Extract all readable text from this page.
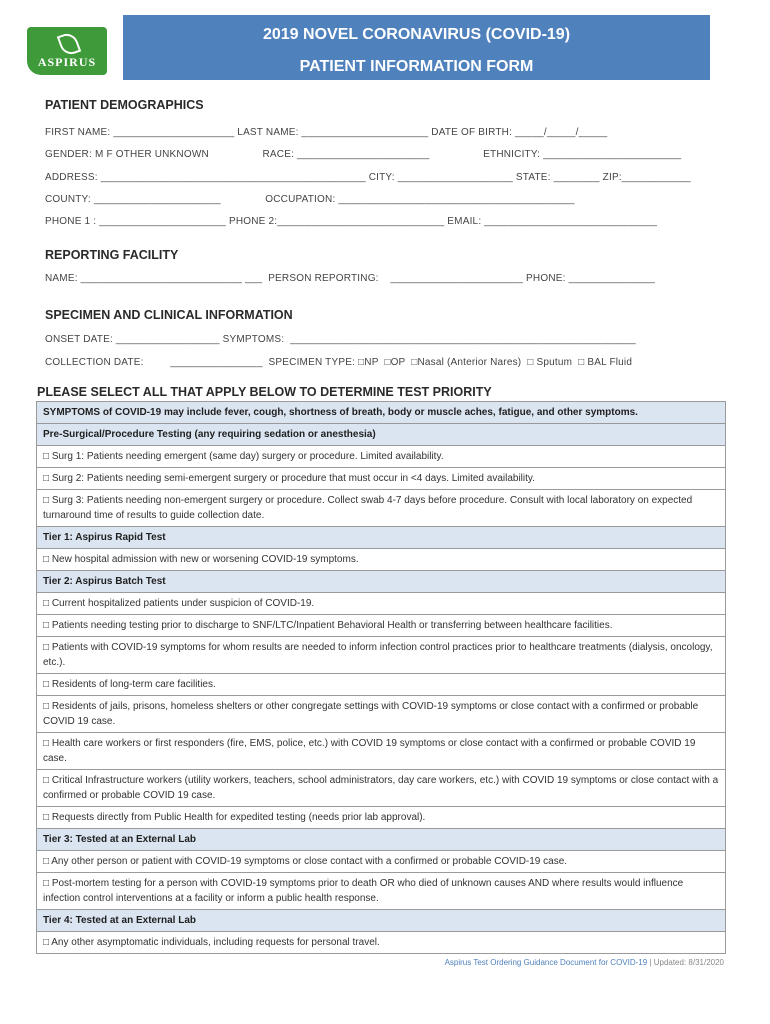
ASPIRUS
2019 NOVEL CORONAVIRUS (COVID-19)
PATIENT INFORMATION FORM
PATIENT DEMOGRAPHICS
FIRST NAME: _____________________ LAST NAME: ______________________ DATE OF BIRTH: _____/_____/_____
GENDER: M F OTHER UNKNOWN                  RACE: _______________________                  ETHNICITY: ________________________
ADDRESS: ______________________________________________ CITY: ____________________ STATE: ________ ZIP:____________
COUNTY: ______________________               OCCUPATION: _________________________________________
PHONE 1 : ______________________ PHONE 2:_____________________________ EMAIL: ______________________________
REPORTING FACILITY
NAME: ____________________________ ___  PERSON REPORTING:    _______________________ PHONE: _______________
SPECIMEN AND CLINICAL INFORMATION
ONSET DATE: __________________ SYMPTOMS:  ____________________________________________________________
COLLECTION DATE:         ________________  SPECIMEN TYPE: □NP  □OP  □Nasal (Anterior Nares)  □ Sputum  □ BAL Fluid
PLEASE SELECT ALL THAT APPLY BELOW TO DETERMINE TEST PRIORITY
SYMPTOMS of COVID-19 may include fever, cough, shortness of breath, body or muscle aches, fatigue, and other symptoms.
Pre-Surgical/Procedure Testing (any requiring sedation or anesthesia)
□ Surg 1: Patients needing emergent (same day) surgery or procedure. Limited availability.
□ Surg 2: Patients needing semi-emergent surgery or procedure that must occur in <4 days. Limited availability.
□ Surg 3: Patients needing non-emergent surgery or procedure. Collect swab 4-7 days before procedure. Consult with local laboratory on expected turnaround time of results to guide collection date.
Tier 1: Aspirus Rapid Test
□ New hospital admission with new or worsening COVID-19 symptoms.
Tier 2: Aspirus Batch Test
□ Current hospitalized patients under suspicion of COVID-19.
□ Patients needing testing prior to discharge to SNF/LTC/Inpatient Behavioral Health or transferring between healthcare facilities.
□ Patients with COVID-19 symptoms for whom results are needed to inform infection control practices prior to healthcare treatments (dialysis, oncology, etc.).
□ Residents of long-term care facilities.
□ Residents of jails, prisons, homeless shelters or other congregate settings with COVID-19 symptoms or close contact with a confirmed or probable COVID 19 case.
□ Health care workers or first responders (fire, EMS, police, etc.) with COVID 19 symptoms or close contact with a confirmed or probable COVID 19 case.
□ Critical Infrastructure workers (utility workers, teachers, school administrators, day care workers, etc.) with COVID 19 symptoms or close contact with a confirmed or probable COVID 19 case.
□ Requests directly from Public Health for expedited testing (needs prior lab approval).
Tier 3: Tested at an External Lab
□ Any other person or patient with COVID-19 symptoms or close contact with a confirmed or probable COVID-19 case.
□ Post-mortem testing for a person with COVID-19 symptoms prior to death OR who died of unknown causes AND where results would influence infection control interventions at a facility or inform a public health response.
Tier 4: Tested at an External Lab
□ Any other asymptomatic individuals, including requests for personal travel.
Aspirus Test Ordering Guidance Document for COVID-19 | Updated: 8/31/2020
